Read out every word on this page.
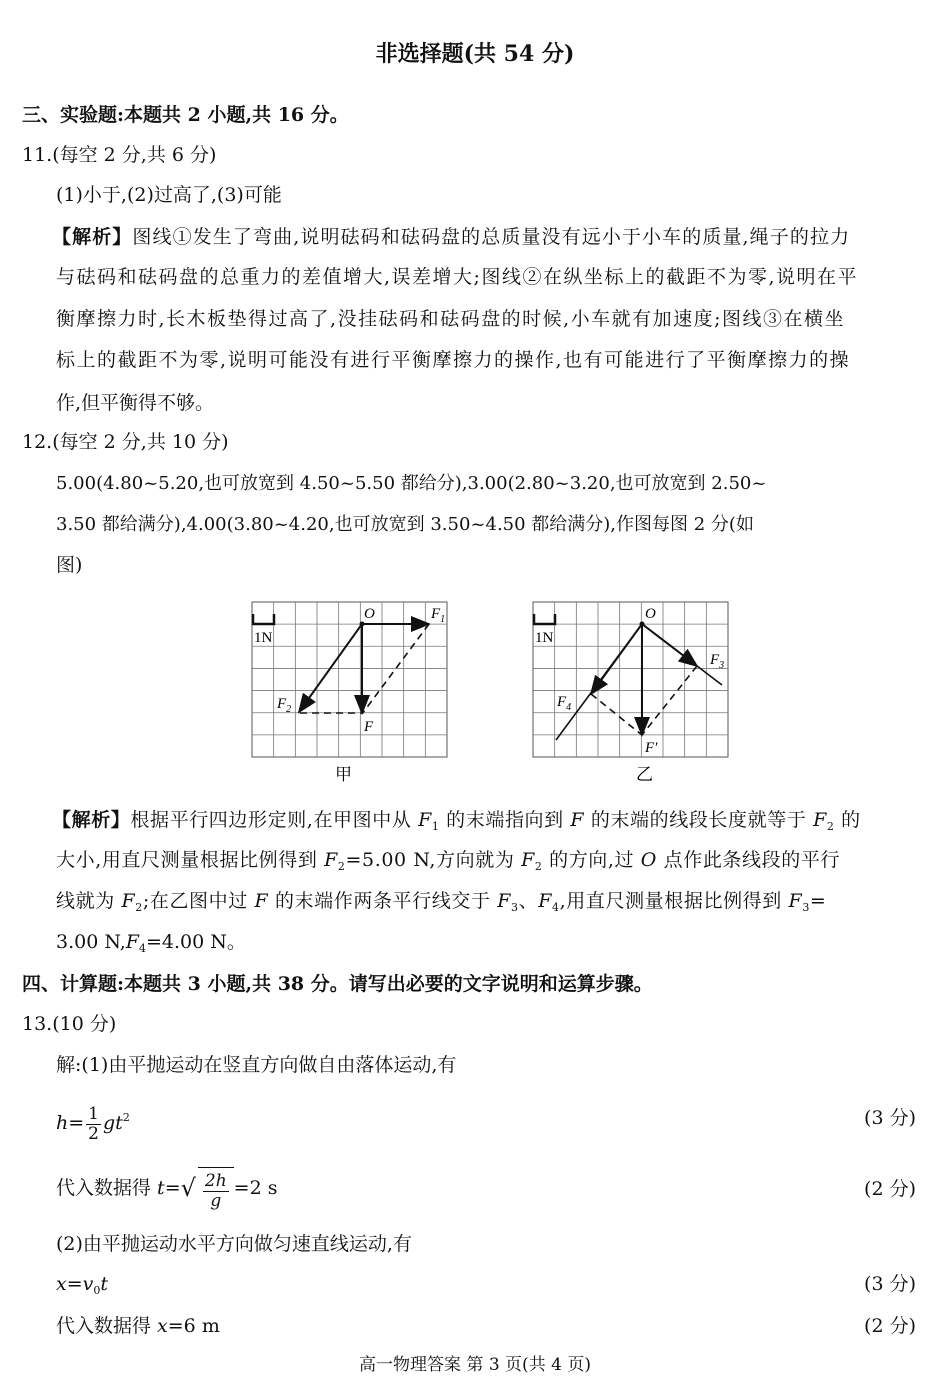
非选择题(共 54 分)
三、实验题:本题共 2 小题,共 16 分。
11.(每空 2 分,共 6 分)
(1)小于,(2)过高了,(3)可能
【解析】图线①发生了弯曲,说明砝码和砝码盘的总质量没有远小于小车的质量,绳子的拉力
与砝码和砝码盘的总重力的差值增大,误差增大;图线②在纵坐标上的截距不为零,说明在平
衡摩擦力时,长木板垫得过高了,没挂砝码和砝码盘的时候,小车就有加速度;图线③在横坐
标上的截距不为零,说明可能没有进行平衡摩擦力的操作,也有可能进行了平衡摩擦力的操
作,但平衡得不够。
12.(每空 2 分,共 10 分)
5.00(4.80~5.20,也可放宽到 4.50~5.50 都给分),3.00(2.80~3.20,也可放宽到 2.50~
3.50 都给满分),4.00(3.80~4.20,也可放宽到 3.50~4.50 都给满分),作图每图 2 分(如
图)
1N	1N
O	$F_1$
$F_2$
F
甲
O
$F_3$
$F_4$
F′
乙
【解析】根据平行四边形定则,在甲图中从 $F_1$ 的末端指向到 F 的末端的线段长度就等于 $F_2$ 的
大小,用直尺测量根据比例得到 $F_2=5.00$ N,方向就为 $F_2$ 的方向,过 O 点作此条线段的平行
线就为 $F_2$;在乙图中过 F 的末端作两条平行线交于 $F_3$、$F_4$,用直尺测量根据比例得到 $F_3=$
3.00 $N,F_4=4.00$ N。
四、计算题:本题共 3 小题,共 38 分。请写出必要的文字说明和运算步骤。
13.(10 分)
解:(1)由平抛运动在竖直方向做自由落体运动,有
$h= \frac{1}{2} gt^2$	(3 分)
代入数据得 $t=√ \frac{2h}{g} =2$ s	(2 分)
(2)由平抛运动水平方向做匀速直线运动,有
$x=v_0t$	(3 分)
代入数据得 x=6 m	(2 分)
高一物理答案 第 3 页(共 4 页)
